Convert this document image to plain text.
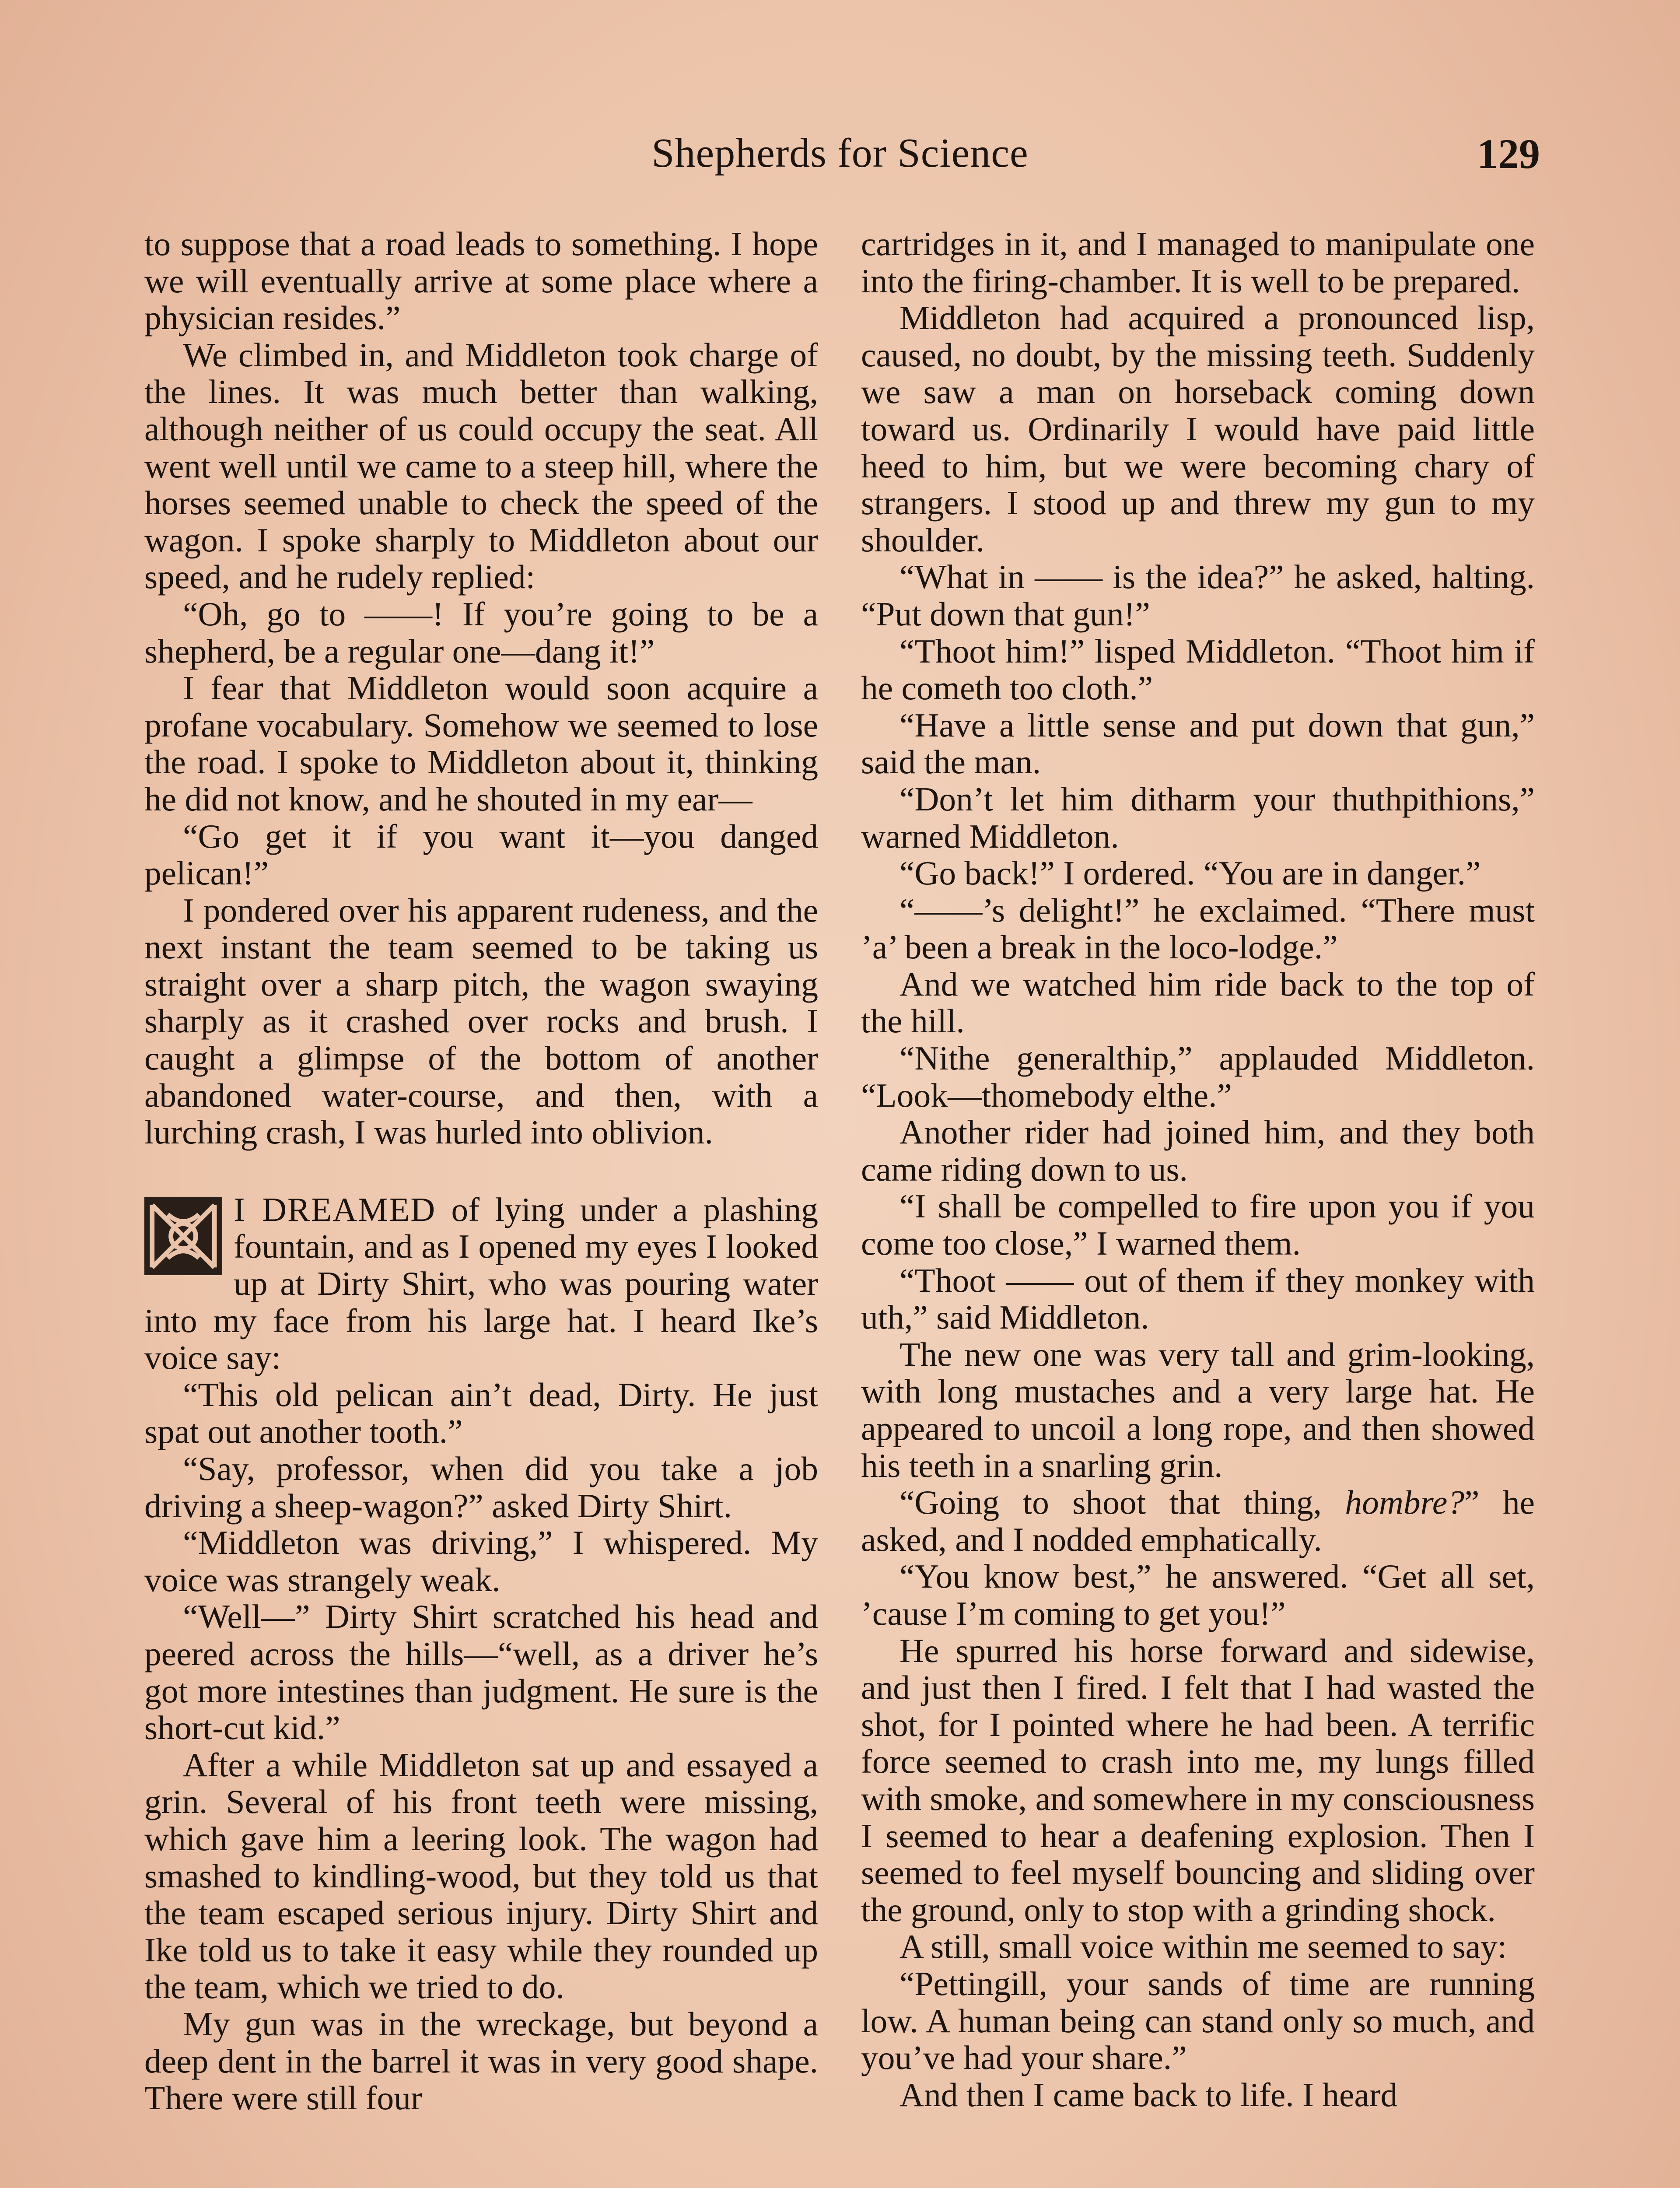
Shepherds for Science	129

to suppose that a road leads to something. I hope we will eventually arrive at some place where a physician resides.”

We climbed in, and Middleton took charge of the lines. It was much better than walking, although neither of us could occupy the seat. All went well until we came to a steep hill, where the horses seemed unable to check the speed of the wagon. I spoke sharply to Middleton about our speed, and he rudely replied:

“Oh, go to ——! If you’re going to be a shepherd, be a regular one—dang it!”

I fear that Middleton would soon acquire a profane vocabulary. Somehow we seemed to lose the road. I spoke to Middleton about it, thinking he did not know, and he shouted in my ear—

“Go get it if you want it—you danged pelican!”

I pondered over his apparent rudeness, and the next instant the team seemed to be taking us straight over a sharp pitch, the wagon swaying sharply as it crashed over rocks and brush. I caught a glimpse of the bottom of another abandoned water-course, and then, with a lurching crash, I was hurled into oblivion.

I DREAMED of lying under a plashing fountain, and as I opened my eyes I looked up at Dirty Shirt, who was pouring water into my face from his large hat. I heard Ike’s voice say:

“This old pelican ain’t dead, Dirty. He just spat out another tooth.”

“Say, professor, when did you take a job driving a sheep-wagon?” asked Dirty Shirt.

“Middleton was driving,” I whispered. My voice was strangely weak.

“Well—” Dirty Shirt scratched his head and peered across the hills—“well, as a driver he’s got more intestines than judgment. He sure is the short-cut kid.”

After a while Middleton sat up and essayed a grin. Several of his front teeth were missing, which gave him a leering look. The wagon had smashed to kindling-wood, but they told us that the team escaped serious injury. Dirty Shirt and Ike told us to take it easy while they rounded up the team, which we tried to do.

My gun was in the wreckage, but beyond a deep dent in the barrel it was in very good shape. There were still four

cartridges in it, and I managed to manipulate one into the firing-chamber. It is well to be prepared.

Middleton had acquired a pronounced lisp, caused, no doubt, by the missing teeth. Suddenly we saw a man on horseback coming down toward us. Ordinarily I would have paid little heed to him, but we were becoming chary of strangers. I stood up and threw my gun to my shoulder.

“What in —— is the idea?” he asked, halting. “Put down that gun!”

“Thoot him!” lisped Middleton. “Thoot him if he cometh too cloth.”

“Have a little sense and put down that gun,” said the man.

“Don’t let him ditharm your thuthpithions,” warned Middleton.

“Go back!” I ordered. “You are in danger.”

“——’s delight!” he exclaimed. “There must ’a’ been a break in the loco-lodge.”

And we watched him ride back to the top of the hill.

“Nithe generalthip,” applauded Middleton. “Look—thomebody elthe.”

Another rider had joined him, and they both came riding down to us.

“I shall be compelled to fire upon you if you come too close,” I warned them.

“Thoot —— out of them if they monkey with uth,” said Middleton.

The new one was very tall and grim-looking, with long mustaches and a very large hat. He appeared to uncoil a long rope, and then showed his teeth in a snarling grin.

“Going to shoot that thing, hombre?” he asked, and I nodded emphatically.

“You know best,” he answered. “Get all set, ’cause I’m coming to get you!”

He spurred his horse forward and sidewise, and just then I fired. I felt that I had wasted the shot, for I pointed where he had been. A terrific force seemed to crash into me, my lungs filled with smoke, and somewhere in my consciousness I seemed to hear a deafening explosion. Then I seemed to feel myself bouncing and sliding over the ground, only to stop with a grinding shock.

A still, small voice within me seemed to say:

“Pettingill, your sands of time are running low. A human being can stand only so much, and you’ve had your share.”

And then I came back to life. I heard
